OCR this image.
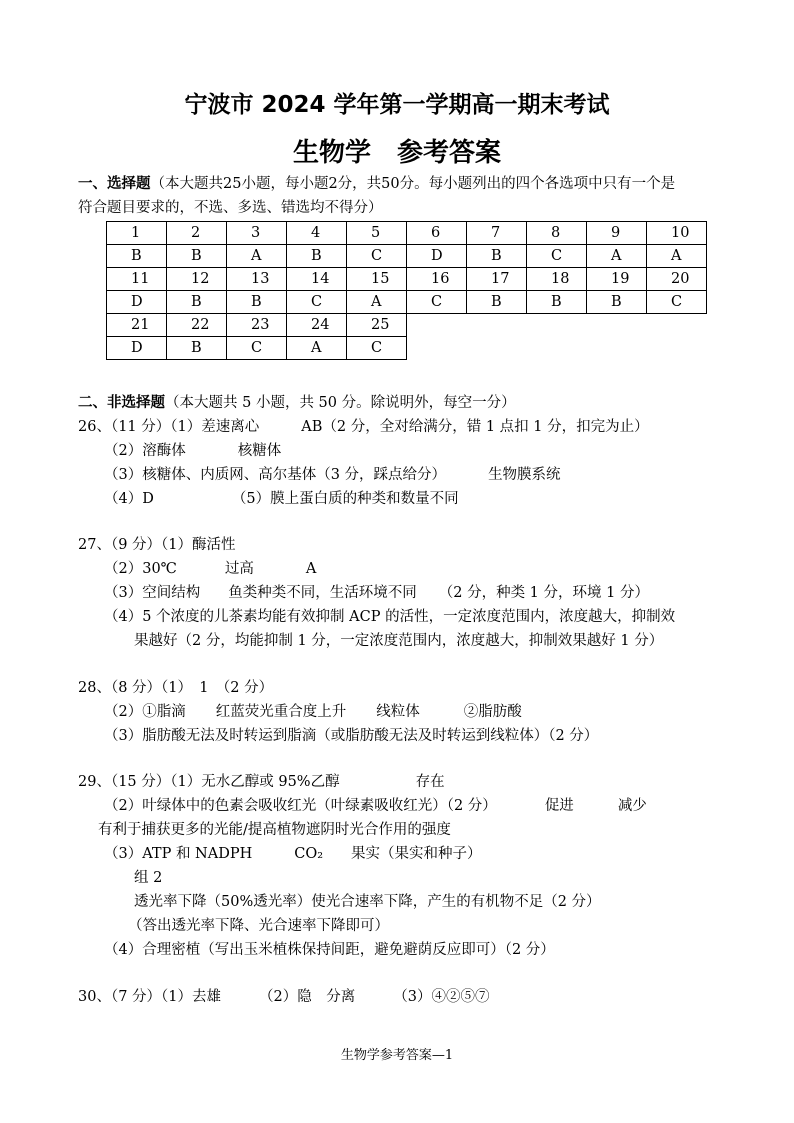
宁波市 2024 学年第一学期高一期末考试
生物学　参考答案
一、选择题（本大题共25小题，每小题2分，共50分。每小题列出的四个各选项中只有一个是
符合题目要求的，不选、多选、错选均不得分）
1	2	3	4	5	6	7	8	9	10
B	B	A	B	C	D	B	C	A	A
11	12	13	14	15	16	17	18	19	20
D	B	B	C	A	C	B	B	B	C
21	22	23	24	25					
D	B	C	A	C					
二、非选择题（本大题共 5 小题，共 50 分。除说明外，每空一分）
26、（11 分）（1）差速离心	AB（2 分，全对给满分，错 1 点扣 1 分，扣完为止）
（2）溶酶体	核糖体
（3）核糖体、内质网、高尔基体（3 分，踩点给分）	生物膜系统
（4）D	（5）膜上蛋白质的种类和数量不同
27、（9 分）（1）酶活性
（2）30℃	过高	A
（3）空间结构 鱼类种类不同，生活环境不同 （2 分，种类 1 分，环境 1 分）
（4）5 个浓度的儿茶素均能有效抑制 ACP 的活性，一定浓度范围内，浓度越大，抑制效
果越好（2 分，均能抑制 1 分，一定浓度范围内，浓度越大，抑制效果越好 1 分）
28、（8 分）（1）　1　（2 分）
（2）①脂滴 红蓝荧光重合度上升 线粒体	②脂肪酸
（3）脂肪酸无法及时转运到脂滴（或脂肪酸无法及时转运到线粒体）（2 分）
29、（15 分）（1）无水乙醇或 95%乙醇	存在
（2）叶绿体中的色素会吸收红光（叶绿素吸收红光）（2 分）	促进	减少
有利于捕获更多的光能/提高植物遮阴时光合作用的强度
（3）ATP 和 NADPH	CO₂ 果实（果实和种子）
组 2
透光率下降（50%透光率）使光合速率下降，产生的有机物不足（2 分）
（答出透光率下降、光合速率下降即可）
（4）合理密植（写出玉米植株保持间距，避免避荫反应即可）（2 分）
30、（7 分）（1）去雄	（2）隐　分离	（3）④②⑤⑦
生物学参考答案—1
